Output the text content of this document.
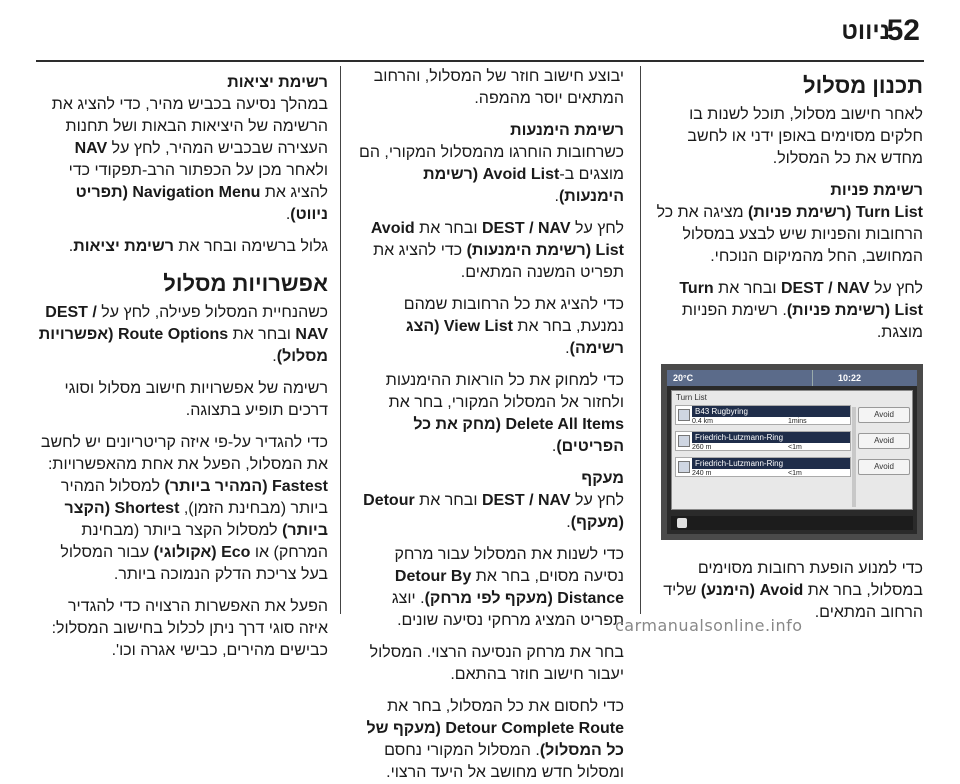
52
ניווט
תכנון מסלול

לאחר חישוב מסלול, תוכל לשנות בו חלקים מסוימים באופן ידני או לחשב מחדש את כל המסלול.

רשימת פניות

Turn List (רשימת פניות) מציגה את כל הרחובות והפניות שיש לבצע במסלול המחושב, החל מהמיקום הנוכחי.

לחץ על DEST / NAV ובחר את Turn List (רשימת פניות). רשימת הפניות מוצגת.

20°C	10:22
Turn List
B43 Rugbyring
0.4 km	1mins
Avoid
Friedrich-Lutzmann-Ring
260 m	<1m
Avoid
Friedrich-Lutzmann-Ring
240 m	<1m
Avoid

כדי למנוע הופעת רחובות מסוימים במסלול, בחר את Avoid (הימנע) שליד הרחוב המתאים.

יבוצע חישוב חוזר של המסלול, והרחוב המתאים יוסר מהמפה.

רשימת הימנעות

כשרחובות הוחרגו מהמסלול המקורי, הם מוצגים ב-Avoid List (רשימת הימנעות).

לחץ על DEST / NAV ובחר את Avoid List (רשימת הימנעות) כדי להציג את תפריט המשנה המתאים.

כדי להציג את כל הרחובות שמהם נמנעת, בחר את View List (הצג רשימה).

כדי למחוק את כל הוראות ההימנעות ולחזור אל המסלול המקורי, בחר את Delete All Items (מחק את כל הפריטים).

מעקף

לחץ על DEST / NAV ובחר את Detour (מעקף).

כדי לשנות את המסלול עבור מרחק נסיעה מסוים, בחר את Detour By Distance (מעקף לפי מרחק). יוצג תפריט המציג מרחקי נסיעה שונים.

בחר את מרחק הנסיעה הרצוי. המסלול יעבור חישוב חוזר בהתאם.

כדי לחסום את כל המסלול, בחר את Detour Complete Route (מעקף של כל המסלול). המסלול המקורי נחסם ומסלול חדש מחושב אל היעד הרצוי.

רשימת יציאות

במהלך נסיעה בכביש מהיר, כדי להציג את הרשימה של היציאות הבאות ושל תחנות העצירה שבכביש המהיר, לחץ על NAV ולאחר מכן על הכפתור הרב-תפקודי כדי להציג את Navigation Menu (תפריט ניווט).

גלול ברשימה ובחר את רשימת יציאות.

אפשרויות מסלול

כשהנחיית המסלול פעילה, לחץ על DEST / NAV ובחר את Route Options (אפשרויות מסלול).

רשימה של אפשרויות חישוב מסלול וסוגי דרכים תופיע בתצוגה.

כדי להגדיר על-פי איזה קריטריונים יש לחשב את המסלול, הפעל את אחת מהאפשרויות: Fastest (המהיר ביותר) למסלול המהיר ביותר (מבחינת הזמן), Shortest (הקצר ביותר) למסלול הקצר ביותר (מבחינת המרחק) או Eco (אקולוגי) עבור המסלול בעל צריכת הדלק הנמוכה ביותר.

הפעל את האפשרות הרצויה כדי להגדיר איזה סוגי דרך ניתן לכלול בחישוב המסלול: כבישים מהירים, כבישי אגרה וכו'.

carmanualsonline.info
